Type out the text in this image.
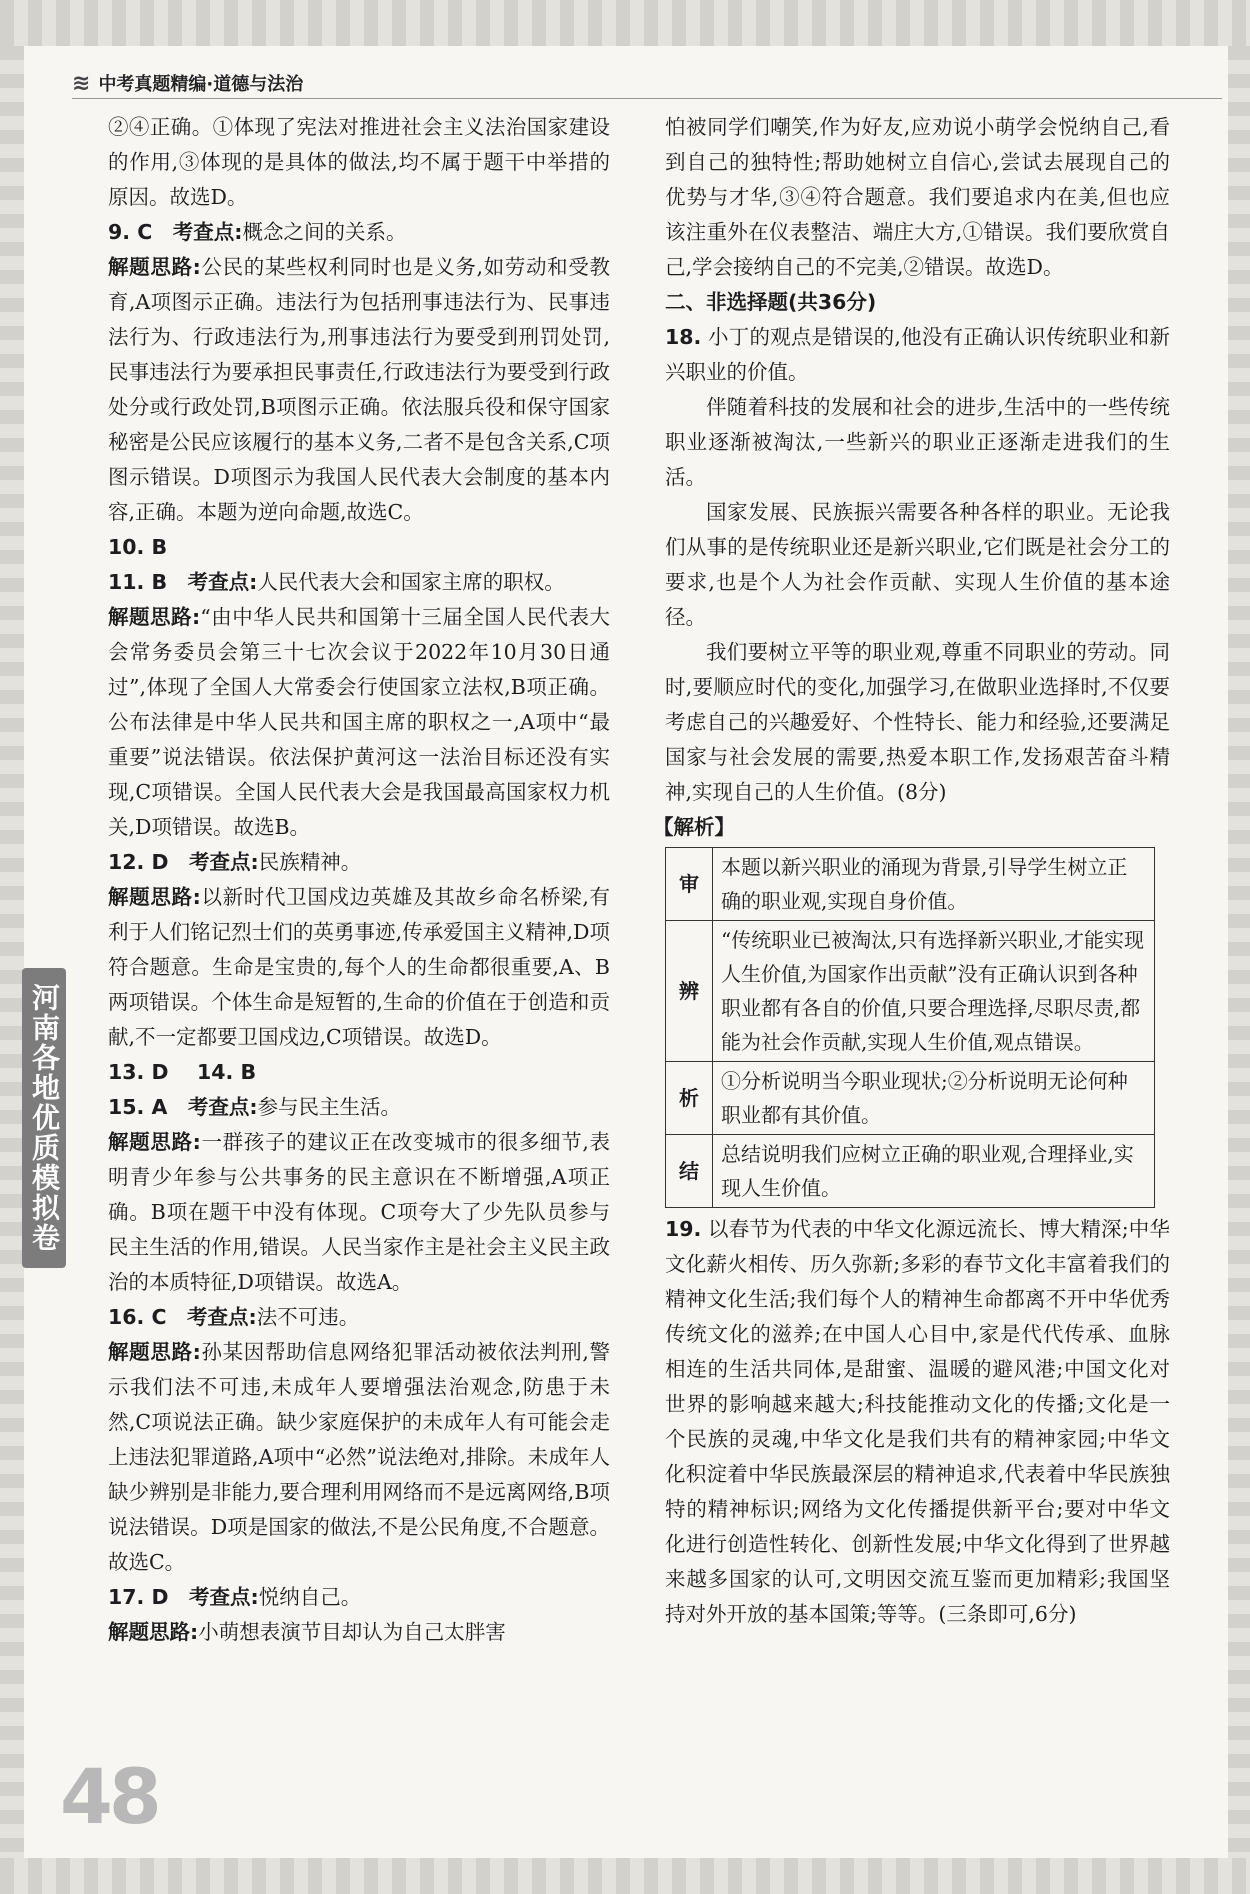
≋ 中考真题精编·道德与法治
河南各地优质模拟卷

②④正确。①体现了宪法对推进社会主义法治国家建设的作用,③体现的是具体的做法,均不属于题干中举措的原因。故选D。

9. C 考查点:概念之间的关系。

解题思路:公民的某些权利同时也是义务,如劳动和受教育,A项图示正确。违法行为包括刑事违法行为、民事违法行为、行政违法行为,刑事违法行为要受到刑罚处罚,民事违法行为要承担民事责任,行政违法行为要受到行政处分或行政处罚,B项图示正确。依法服兵役和保守国家秘密是公民应该履行的基本义务,二者不是包含关系,C项图示错误。D项图示为我国人民代表大会制度的基本内容,正确。本题为逆向命题,故选C。

10. B

11. B 考查点:人民代表大会和国家主席的职权。

解题思路:“由中华人民共和国第十三届全国人民代表大会常务委员会第三十七次会议于2022年10月30日通过”,体现了全国人大常委会行使国家立法权,B项正确。公布法律是中华人民共和国主席的职权之一,A项中“最重要”说法错误。依法保护黄河这一法治目标还没有实现,C项错误。全国人民代表大会是我国最高国家权力机关,D项错误。故选B。

12. D 考查点:民族精神。

解题思路:以新时代卫国戍边英雄及其故乡命名桥梁,有利于人们铭记烈士们的英勇事迹,传承爱国主义精神,D项符合题意。生命是宝贵的,每个人的生命都很重要,A、B两项错误。个体生命是短暂的,生命的价值在于创造和贡献,不一定都要卫国戍边,C项错误。故选D。

13. D    14. B

15. A 考查点:参与民主生活。

解题思路:一群孩子的建议正在改变城市的很多细节,表明青少年参与公共事务的民主意识在不断增强,A项正确。B项在题干中没有体现。C项夸大了少先队员参与民主生活的作用,错误。人民当家作主是社会主义民主政治的本质特征,D项错误。故选A。

16. C 考查点:法不可违。

解题思路:孙某因帮助信息网络犯罪活动被依法判刑,警示我们法不可违,未成年人要增强法治观念,防患于未然,C项说法正确。缺少家庭保护的未成年人有可能会走上违法犯罪道路,A项中“必然”说法绝对,排除。未成年人缺少辨别是非能力,要合理利用网络而不是远离网络,B项说法错误。D项是国家的做法,不是公民角度,不合题意。故选C。

17. D 考查点:悦纳自己。

解题思路:小萌想表演节目却认为自己太胖害

怕被同学们嘲笑,作为好友,应劝说小萌学会悦纳自己,看到自己的独特性;帮助她树立自信心,尝试去展现自己的优势与才华,③④符合题意。我们要追求内在美,但也应该注重外在仪表整洁、端庄大方,①错误。我们要欣赏自己,学会接纳自己的不完美,②错误。故选D。

二、非选择题(共36分)

18. 小丁的观点是错误的,他没有正确认识传统职业和新兴职业的价值。

伴随着科技的发展和社会的进步,生活中的一些传统职业逐渐被淘汰,一些新兴的职业正逐渐走进我们的生活。

国家发展、民族振兴需要各种各样的职业。无论我们从事的是传统职业还是新兴职业,它们既是社会分工的要求,也是个人为社会作贡献、实现人生价值的基本途径。

我们要树立平等的职业观,尊重不同职业的劳动。同时,要顺应时代的变化,加强学习,在做职业选择时,不仅要考虑自己的兴趣爱好、个性特长、能力和经验,还要满足国家与社会发展的需要,热爱本职工作,发扬艰苦奋斗精神,实现自己的人生价值。(8分)

【解析】

审	本题以新兴职业的涌现为背景,引导学生树立正确的职业观,实现自身价值。
辨	“传统职业已被淘汰,只有选择新兴职业,才能实现人生价值,为国家作出贡献”没有正确认识到各种职业都有各自的价值,只要合理选择,尽职尽责,都能为社会作贡献,实现人生价值,观点错误。
析	①分析说明当今职业现状;②分析说明无论何种职业都有其价值。
结	总结说明我们应树立正确的职业观,合理择业,实现人生价值。

19. 以春节为代表的中华文化源远流长、博大精深;中华文化薪火相传、历久弥新;多彩的春节文化丰富着我们的精神文化生活;我们每个人的精神生命都离不开中华优秀传统文化的滋养;在中国人心目中,家是代代传承、血脉相连的生活共同体,是甜蜜、温暖的避风港;中国文化对世界的影响越来越大;科技能推动文化的传播;文化是一个民族的灵魂,中华文化是我们共有的精神家园;中华文化积淀着中华民族最深层的精神追求,代表着中华民族独特的精神标识;网络为文化传播提供新平台;要对中华文化进行创造性转化、创新性发展;中华文化得到了世界越来越多国家的认可,文明因交流互鉴而更加精彩;我国坚持对外开放的基本国策;等等。(三条即可,6分)

48
